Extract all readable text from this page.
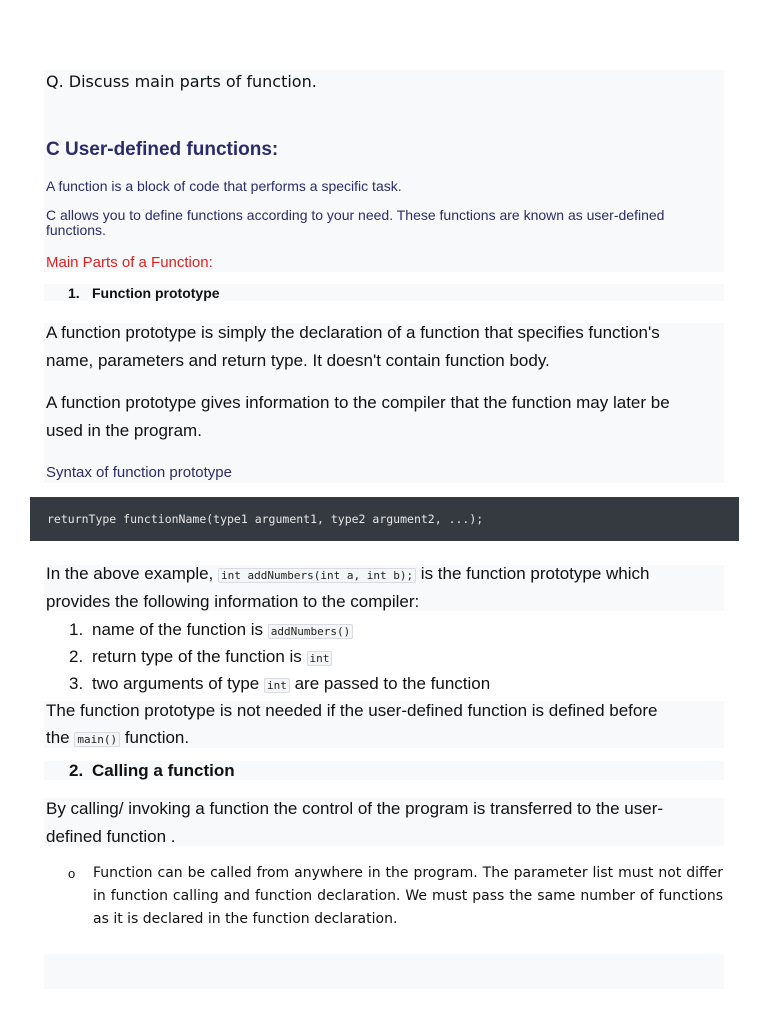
Q. Discuss main parts of function.
C User-defined functions:
A function is a block of code that performs a specific task.
C allows you to define functions according to your need. These functions are known as user-defined functions.
Main Parts of a Function:
1. Function prototype
A function prototype is simply the declaration of a function that specifies function's name, parameters and return type. It doesn't contain function body.
A function prototype gives information to the compiler that the function may later be used in the program.
Syntax of function prototype
returnType functionName(type1 argument1, type2 argument2, ...);
In the above example, int addNumbers(int a, int b); is the function prototype which
provides the following information to the compiler:
1. name of the function is addNumbers()
2. return type of the function is int
3. two arguments of type int are passed to the function
The function prototype is not needed if the user-defined function is defined before
the main() function.
2. Calling a function
By calling/ invoking a function the control of the program is transferred to the user-defined function .
o Function can be called from anywhere in the program. The parameter list must not differ in function calling and function declaration. We must pass the same number of functions as it is declared in the function declaration.
